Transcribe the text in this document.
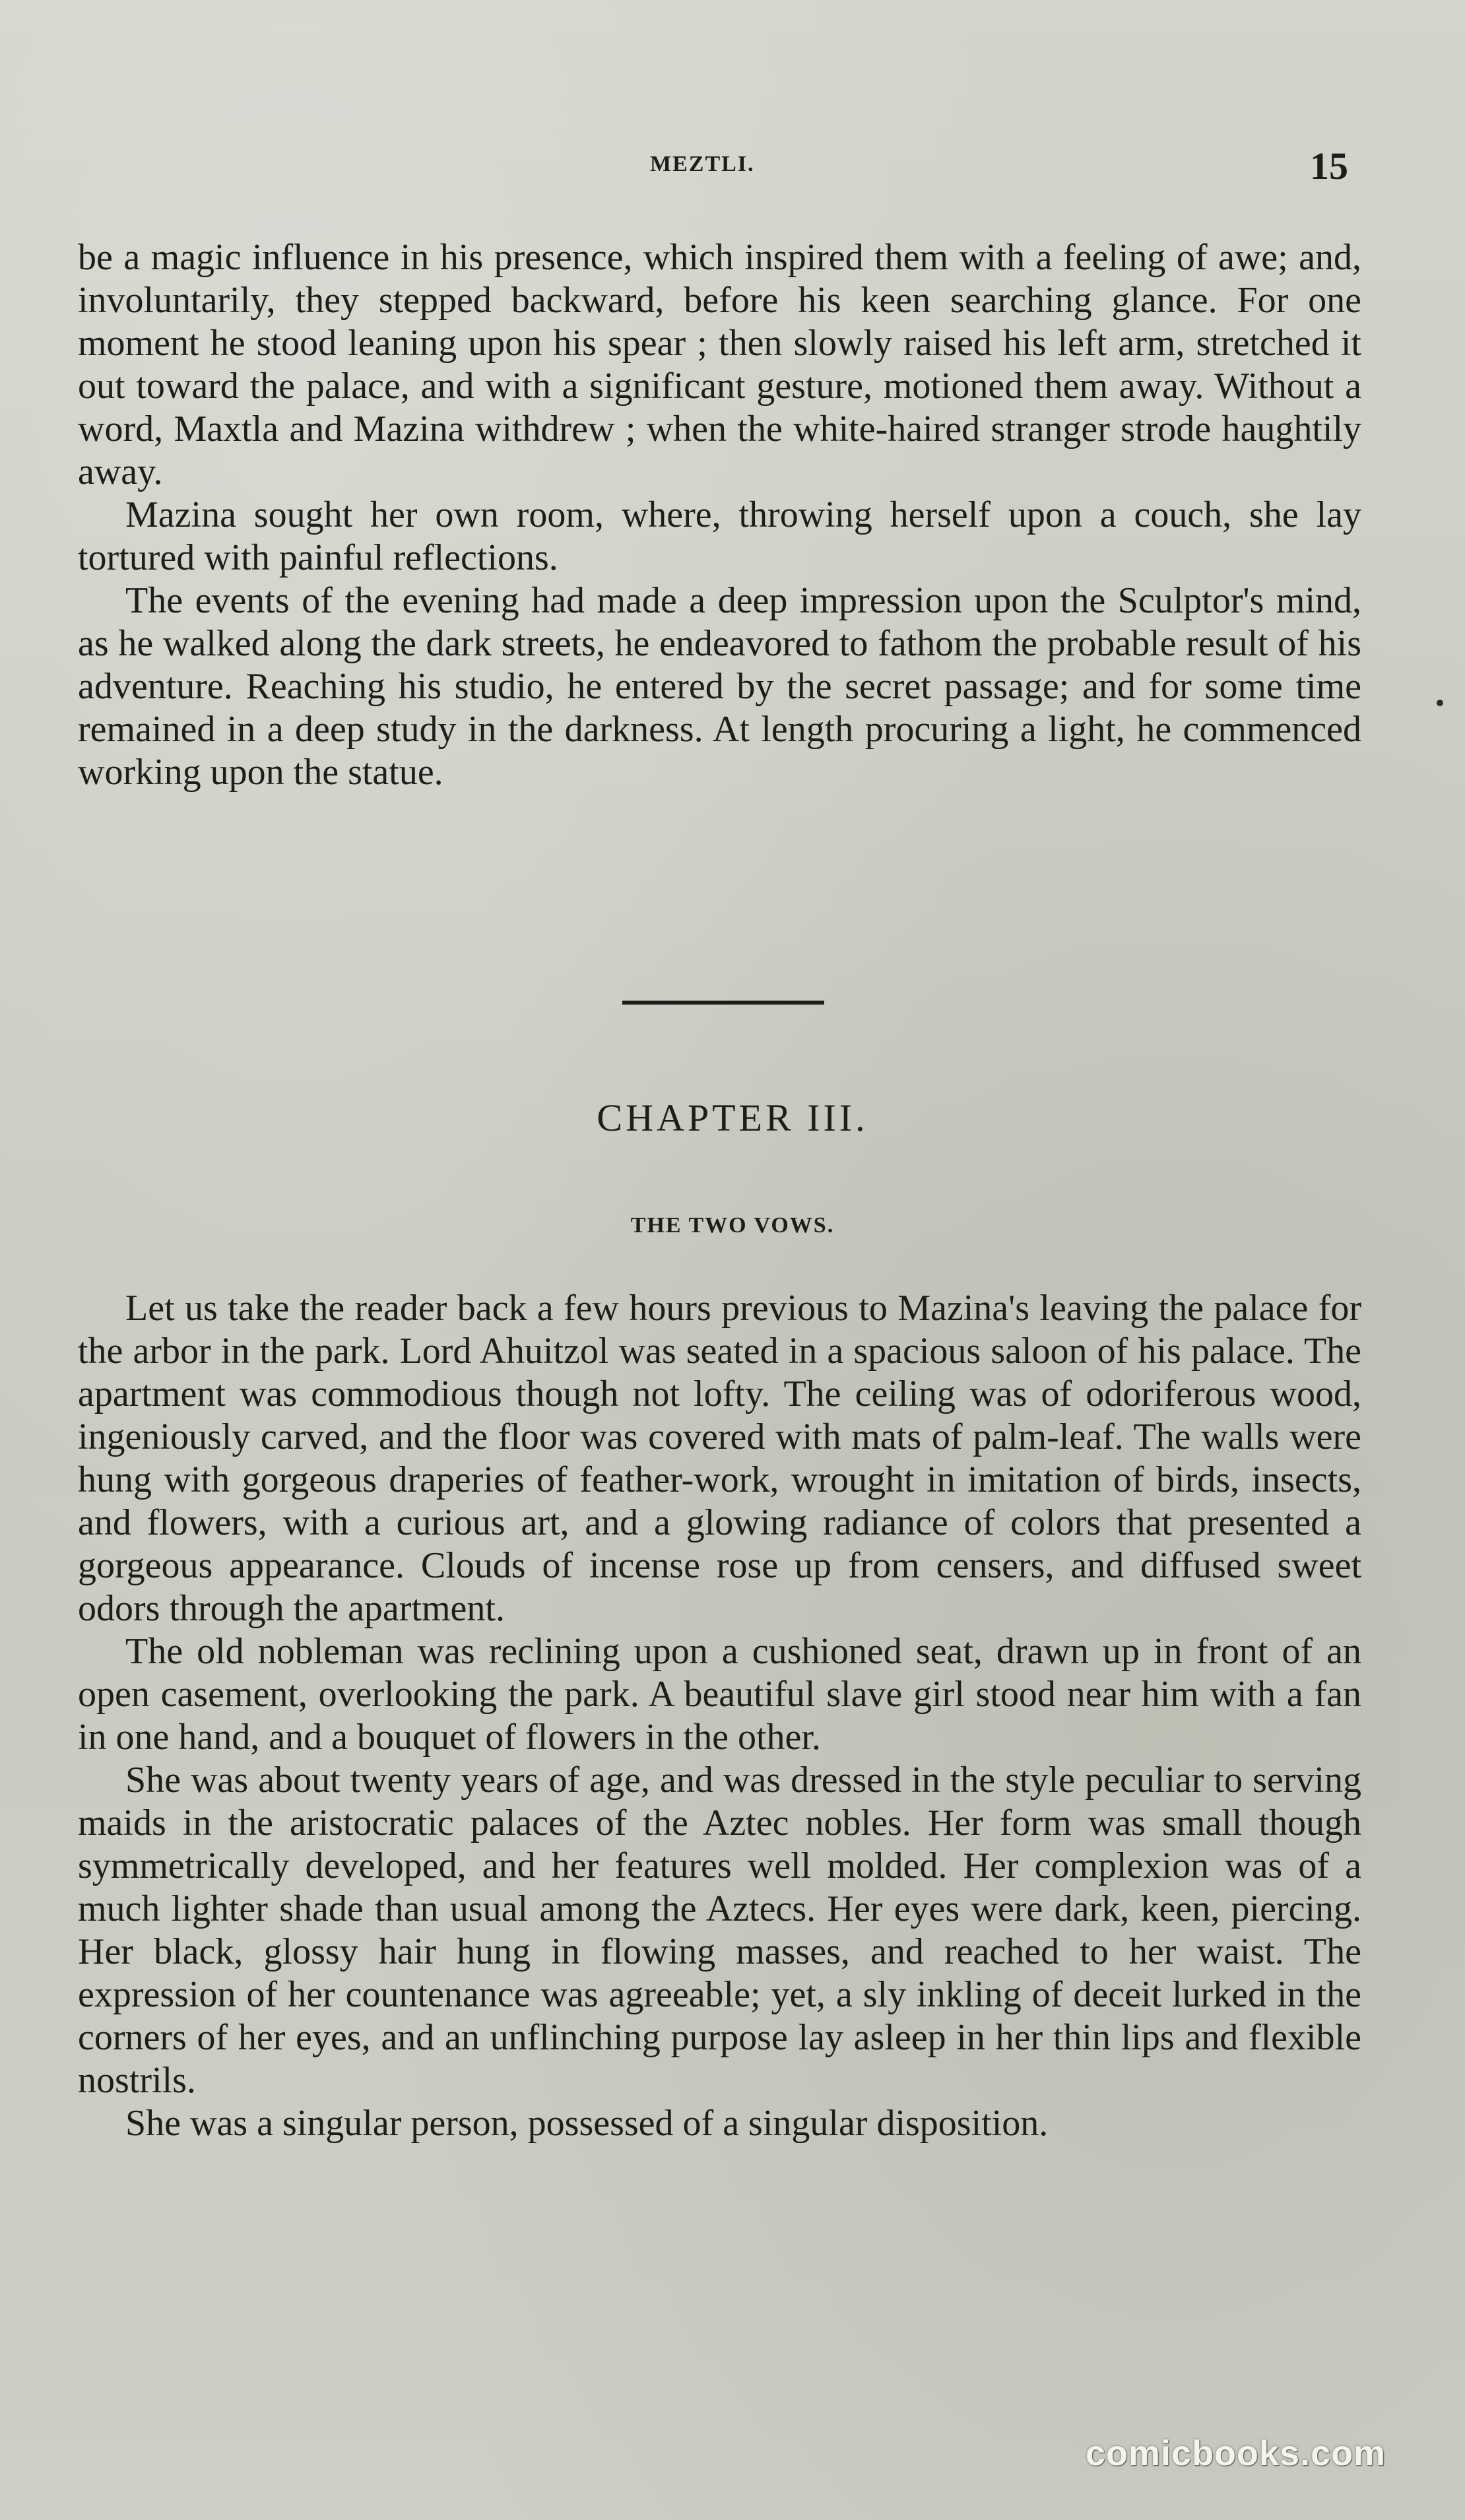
MEZTLI.	15

be a magic influence in his presence, which inspired them with a feeling of awe; and, involuntarily, they stepped backward, before his keen searching glance. For one moment he stood leaning upon his spear ; then slowly raised his left arm, stretched it out toward the palace, and with a significant gesture, motioned them away. Without a word, Maxtla and Mazina withdrew ; when the white-haired stranger strode haughtily away.

Mazina sought her own room, where, throwing herself upon a couch, she lay tortured with painful reflections.

The events of the evening had made a deep impression upon the Sculptor's mind, as he walked along the dark streets, he endeavored to fathom the probable result of his adventure. Reaching his studio, he entered by the secret passage; and for some time remained in a deep study in the darkness. At length procuring a light, he commenced working upon the statue.

CHAPTER III.
THE TWO VOWS.

Let us take the reader back a few hours previous to Mazina's leaving the palace for the arbor in the park. Lord Ahuitzol was seated in a spacious saloon of his palace. The apartment was commodious though not lofty. The ceiling was of odoriferous wood, ingeniously carved, and the floor was covered with mats of palm-leaf. The walls were hung with gorgeous draperies of feather-work, wrought in imitation of birds, insects, and flowers, with a curious art, and a glowing radiance of colors that presented a gorgeous appearance. Clouds of incense rose up from censers, and diffused sweet odors through the apartment.

The old nobleman was reclining upon a cushioned seat, drawn up in front of an open casement, overlooking the park. A beautiful slave girl stood near him with a fan in one hand, and a bouquet of flowers in the other.

She was about twenty years of age, and was dressed in the style peculiar to serving maids in the aristocratic palaces of the Aztec nobles. Her form was small though symmetrically developed, and her features well molded. Her complexion was of a much lighter shade than usual among the Aztecs. Her eyes were dark, keen, piercing. Her black, glossy hair hung in flowing masses, and reached to her waist. The expression of her countenance was agreeable; yet, a sly inkling of deceit lurked in the corners of her eyes, and an unflinching purpose lay asleep in her thin lips and flexible nostrils.

She was a singular person, possessed of a singular disposition.

comicbooks.com
